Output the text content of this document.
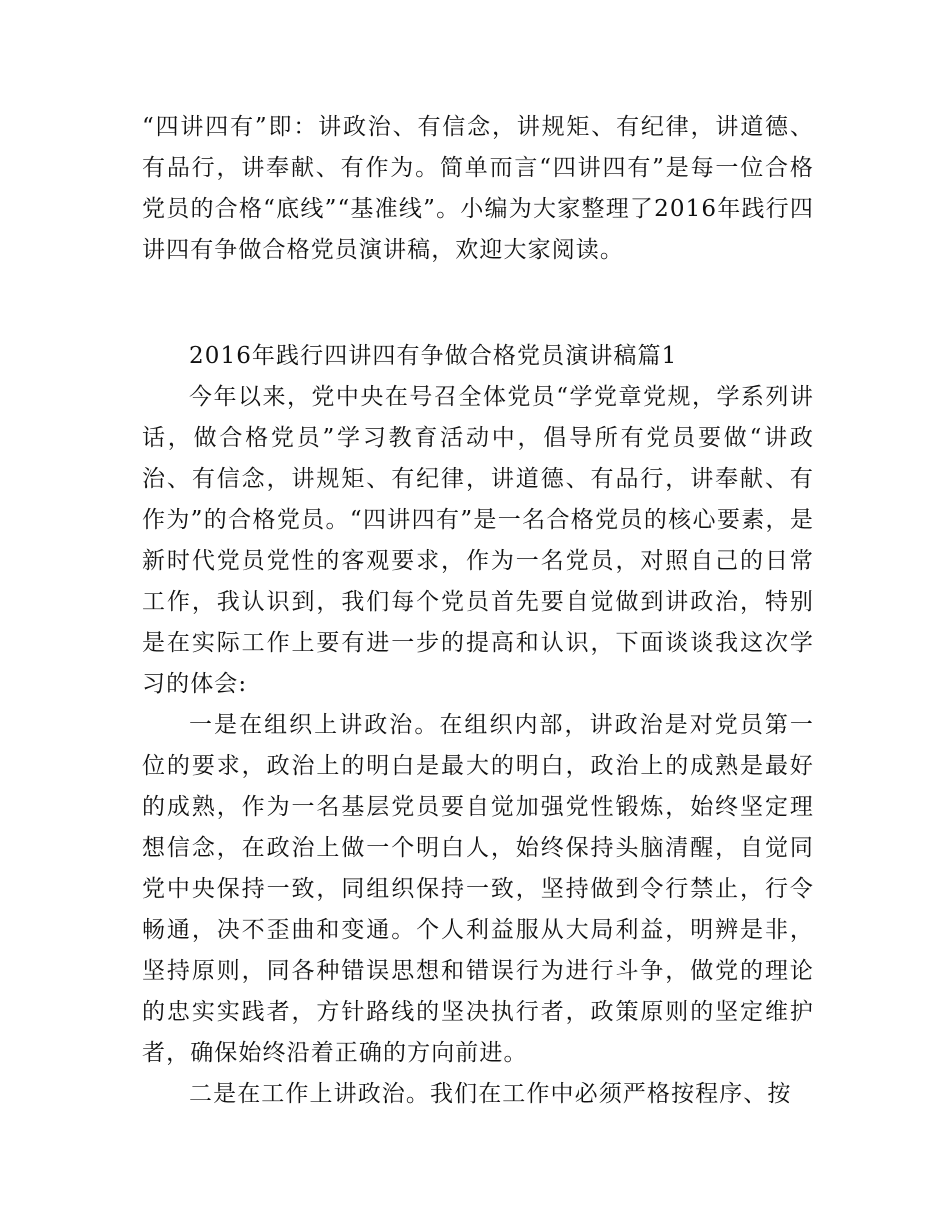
“四讲四有”即：讲政治、有信念，讲规矩、有纪律，讲道德、有品行，讲奉献、有作为。简单而言“四讲四有”是每一位合格党员的合格“底线”“基准线”。小编为大家整理了2016年践行四讲四有争做合格党员演讲稿，欢迎大家阅读。

2016年践行四讲四有争做合格党员演讲稿篇1

今年以来，党中央在号召全体党员“学党章党规，学系列讲话，做合格党员”学习教育活动中，倡导所有党员要做“讲政治、有信念，讲规矩、有纪律，讲道德、有品行，讲奉献、有作为”的合格党员。“四讲四有”是一名合格党员的核心要素，是新时代党员党性的客观要求，作为一名党员，对照自己的日常工作，我认识到，我们每个党员首先要自觉做到讲政治，特别是在实际工作上要有进一步的提高和认识，下面谈谈我这次学习的体会:

一是在组织上讲政治。在组织内部，讲政治是对党员第一位的要求，政治上的明白是最大的明白，政治上的成熟是最好的成熟，作为一名基层党员要自觉加强党性锻炼，始终坚定理想信念，在政治上做一个明白人，始终保持头脑清醒，自觉同党中央保持一致，同组织保持一致，坚持做到令行禁止，行令畅通，决不歪曲和变通。个人利益服从大局利益，明辨是非，坚持原则，同各种错误思想和错误行为进行斗争，做党的理论的忠实实践者，方针路线的坚决执行者，政策原则的坚定维护者，确保始终沿着正确的方向前进。

二是在工作上讲政治。我们在工作中必须严格按程序、按
